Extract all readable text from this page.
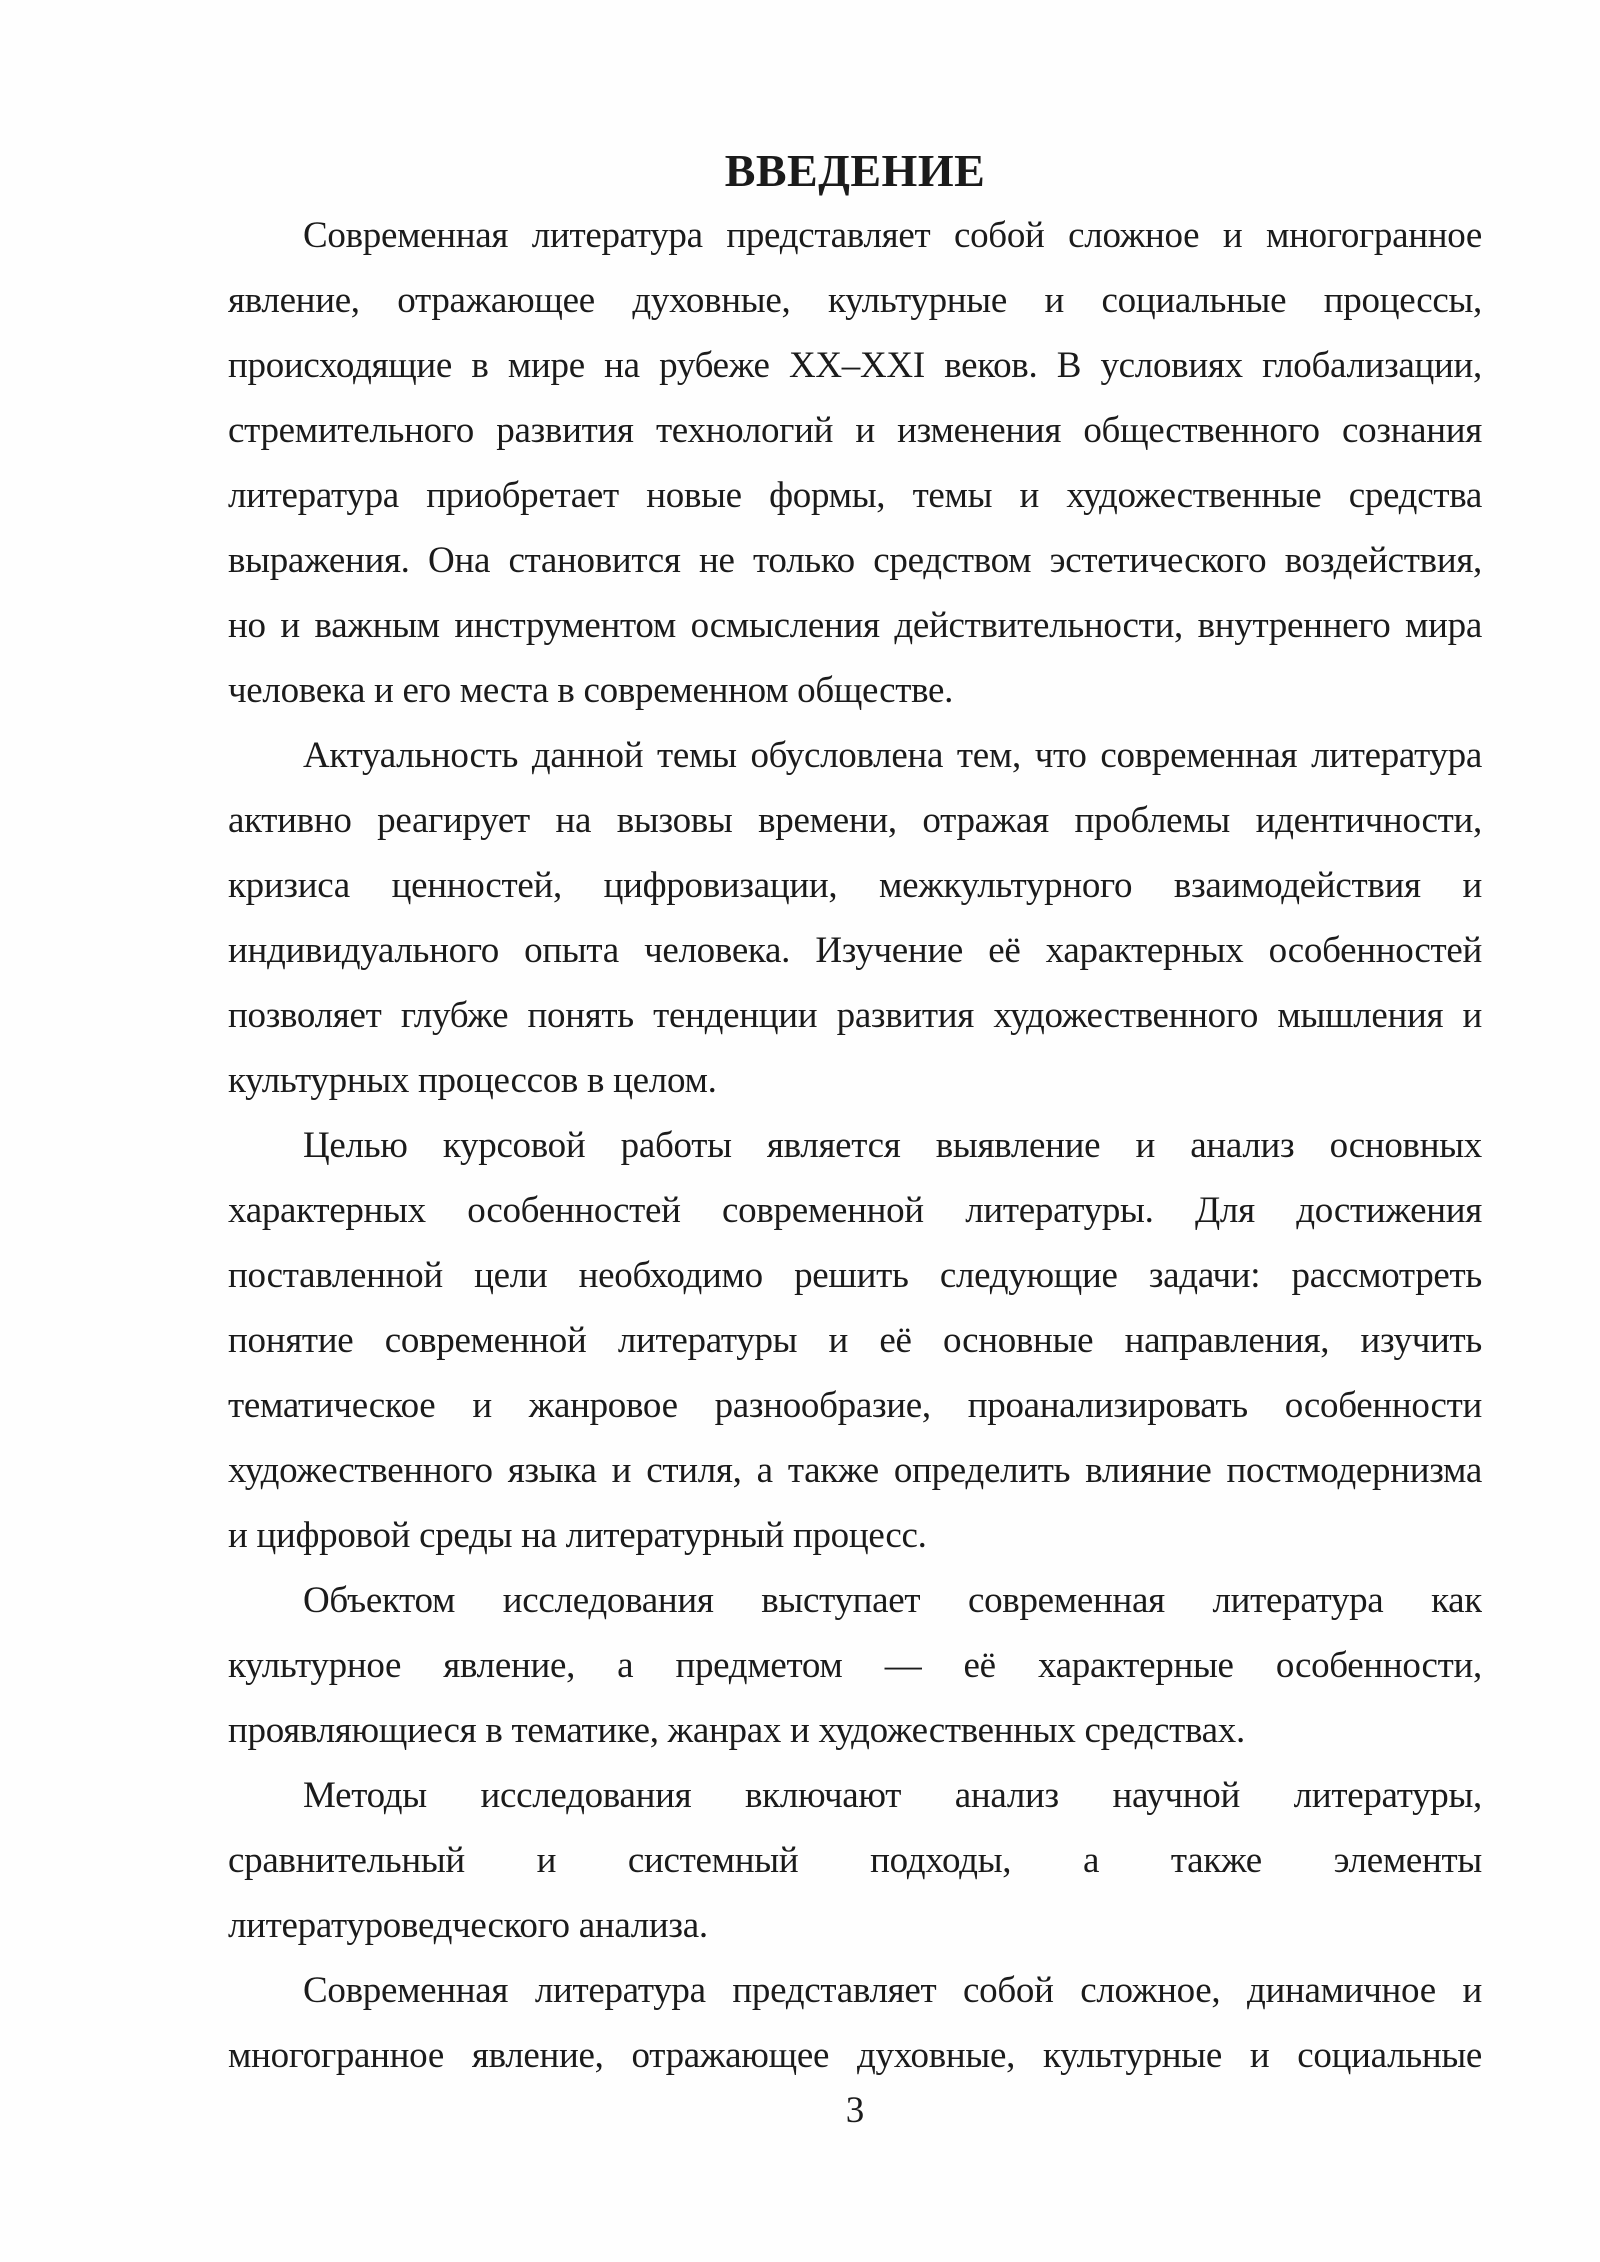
ВВЕДЕНИЕ
Современная литература представляет собой сложное и многогранное
явление, отражающее духовные, культурные и социальные процессы,
происходящие в мире на рубеже XX–XXI веков. В условиях глобализации,
стремительного развития технологий и изменения общественного сознания
литература приобретает новые формы, темы и художественные средства
выражения. Она становится не только средством эстетического воздействия,
но и важным инструментом осмысления действительности, внутреннего мира
человека и его места в современном обществе.
Актуальность данной темы обусловлена тем, что современная литература
активно реагирует на вызовы времени, отражая проблемы идентичности,
кризиса ценностей, цифровизации, межкультурного взаимодействия и
индивидуального опыта человека. Изучение её характерных особенностей
позволяет глубже понять тенденции развития художественного мышления и
культурных процессов в целом.
Целью курсовой работы является выявление и анализ основных
характерных особенностей современной литературы. Для достижения
поставленной цели необходимо решить следующие задачи: рассмотреть
понятие современной литературы и её основные направления, изучить
тематическое и жанровое разнообразие, проанализировать особенности
художественного языка и стиля, а также определить влияние постмодернизма
и цифровой среды на литературный процесс.
Объектом исследования выступает современная литература как
культурное явление, а предметом — её характерные особенности,
проявляющиеся в тематике, жанрах и художественных средствах.
Методы исследования включают анализ научной литературы,
сравнительный и системный подходы, а также элементы
литературоведческого анализа.
Современная литература представляет собой сложное, динамичное и
многогранное явление, отражающее духовные, культурные и социальные
3
